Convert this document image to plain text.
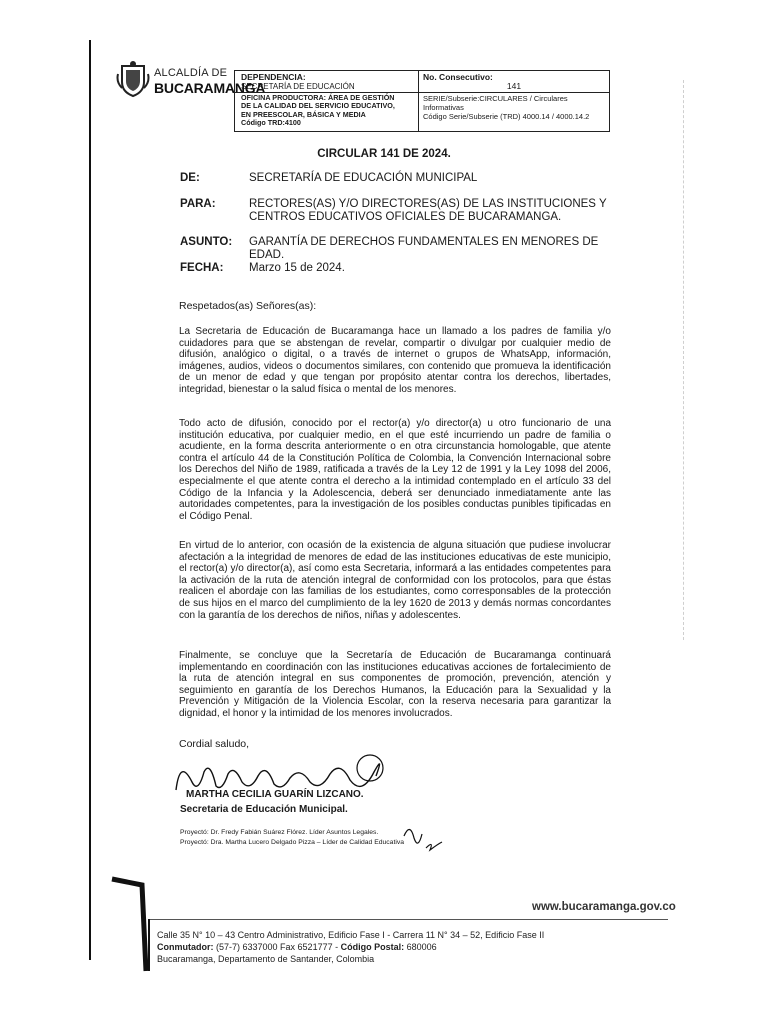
ALCALDÍA DE
BUCARAMANGA
DEPENDENCIA:
SECRETARÍA DE EDUCACIÓN
No. Consecutivo:
141
OFICINA PRODUCTORA: ÁREA DE GESTIÓN
DE LA CALIDAD DEL SERVICIO EDUCATIVO,
EN PREESCOLAR, BÁSICA Y MEDIA
Código TRD:4100
SERIE/Subserie:CIRCULARES / Circulares
Informativas
Código Serie/Subserie (TRD) 4000.14 / 4000.14.2
CIRCULAR 141 DE 2024.
DE:	SECRETARÍA DE EDUCACIÓN MUNICIPAL
PARA:	RECTORES(AS) Y/O DIRECTORES(AS) DE LAS INSTITUCIONES Y
CENTROS EDUCATIVOS OFICIALES DE BUCARAMANGA.
ASUNTO: GARANTÍA DE DERECHOS FUNDAMENTALES EN MENORES DE EDAD.
FECHA: Marzo 15 de 2024.
Respetados(as) Señores(as):
La Secretaria de Educación de Bucaramanga hace un llamado a los padres de familia y/o cuidadores para que se abstengan de revelar, compartir o divulgar por cualquier medio de difusión, analógico o digital, o a través de internet o grupos de WhatsApp, información, imágenes, audios, videos o documentos similares, con contenido que promueva la identificación de un menor de edad y que tengan por propósito atentar contra los derechos, libertades, integridad, bienestar o la salud física o mental de los menores.
Todo acto de difusión, conocido por el rector(a) y/o director(a) u otro funcionario de una institución educativa, por cualquier medio, en el que esté incurriendo un padre de familia o acudiente, en la forma descrita anteriormente o en otra circunstancia homologable, que atente contra el artículo 44 de la Constitución Política de Colombia, la Convención Internacional sobre los Derechos del Niño de 1989, ratificada a través de la Ley 12 de 1991 y la Ley 1098 del 2006, especialmente el que atente contra el derecho a la intimidad contemplado en el artículo 33 del Código de la Infancia y la Adolescencia, deberá ser denunciado inmediatamente ante las autoridades competentes, para la investigación de los posibles conductas punibles tipificadas en el Código Penal.
En virtud de lo anterior, con ocasión de la existencia de alguna situación que pudiese involucrar afectación a la integridad de menores de edad de las instituciones educativas de este municipio, el rector(a) y/o director(a), así como esta Secretaria, informará a las entidades competentes para la activación de la ruta de atención integral de conformidad con los protocolos, para que éstas realicen el abordaje con las familias de los estudiantes, como corresponsables de la protección de sus hijos en el marco del cumplimiento de la ley 1620 de 2013 y demás normas concordantes con la garantía de los derechos de niños, niñas y adolescentes.
Finalmente, se concluye que la Secretaría de Educación de Bucaramanga continuará implementando en coordinación con las instituciones educativas acciones de fortalecimiento de la ruta de atención integral en sus componentes de promoción, prevención, atención y seguimiento en garantía de los Derechos Humanos, la Educación para la Sexualidad y la Prevención y Mitigación de la Violencia Escolar, con la reserva necesaria para garantizar la dignidad, el honor y la intimidad de los menores involucrados.
Cordial saludo,
MARTHA CECILIA GUARÍN LIZCANO.
Secretaria de Educación Municipal.
Proyectó: Dr. Fredy Fabián Suárez Flórez. Líder Asuntos Legales.
Proyectó: Dra. Martha Lucero Delgado Pizza – Líder de Calidad Educativa
www.bucaramanga.gov.co
Calle 35 N° 10 – 43 Centro Administrativo, Edificio Fase I - Carrera 11 N° 34 – 52, Edificio Fase II
Conmutador: (57-7) 6337000 Fax 6521777 - Código Postal: 680006
Bucaramanga, Departamento de Santander, Colombia
